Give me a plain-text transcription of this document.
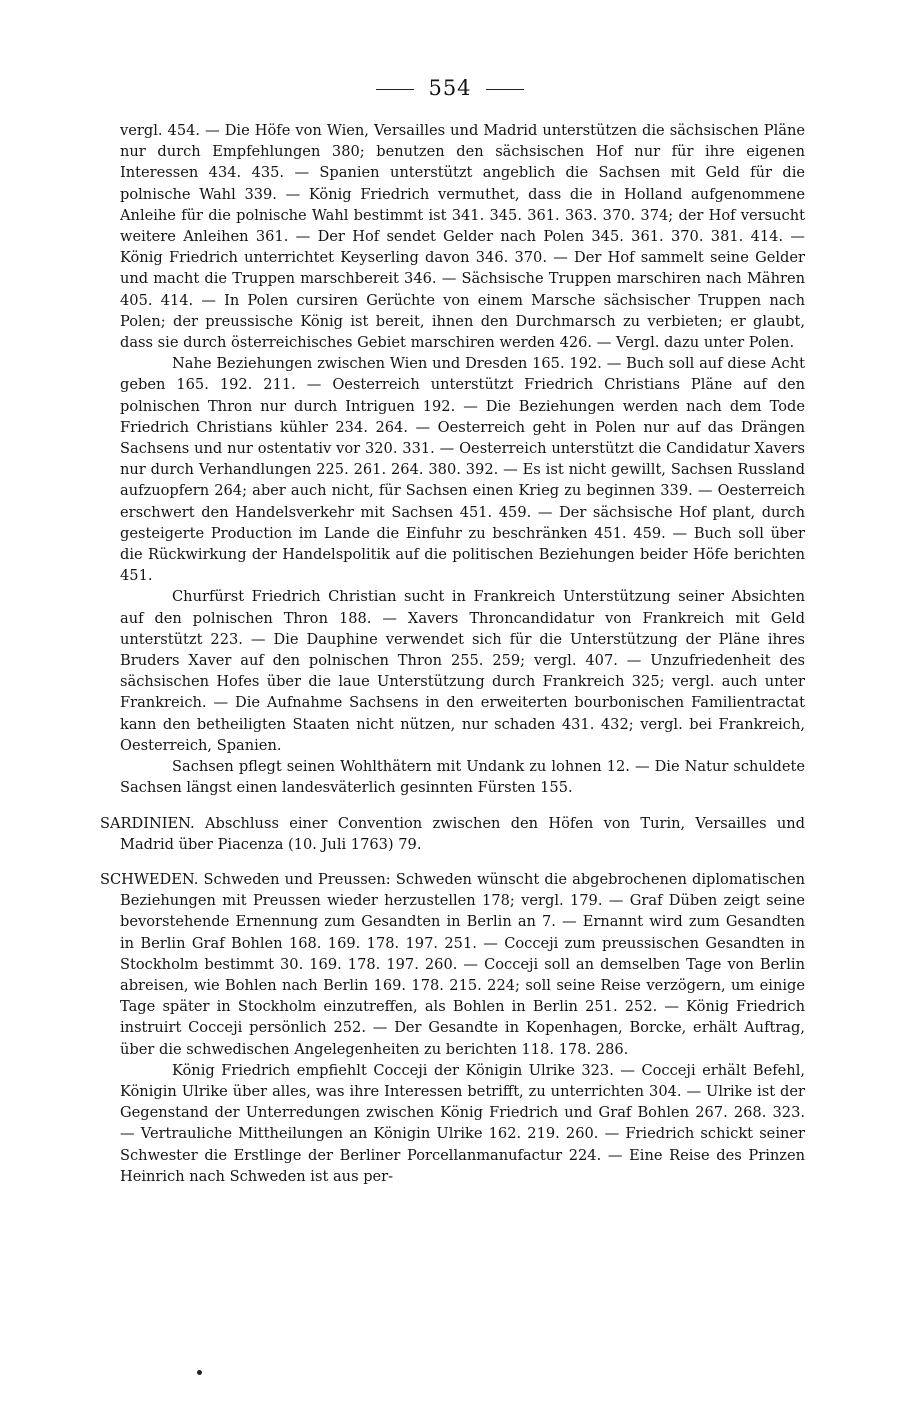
554

vergl. 454. — Die Höfe von Wien, Versailles und Madrid unterstützen die sächsischen Pläne nur durch Empfehlungen 380; benutzen den sächsischen Hof nur für ihre eigenen Interessen 434. 435. — Spanien unterstützt angeblich die Sachsen mit Geld für die polnische Wahl 339. — König Friedrich vermuthet, dass die in Holland aufgenommene Anleihe für die polnische Wahl bestimmt ist 341. 345. 361. 363. 370. 374; der Hof versucht weitere Anleihen 361. — Der Hof sendet Gelder nach Polen 345. 361. 370. 381. 414. — König Friedrich unterrichtet Keyserling davon 346. 370. — Der Hof sammelt seine Gelder und macht die Truppen marschbereit 346. — Sächsische Truppen marschiren nach Mähren 405. 414. — In Polen cursiren Gerüchte von einem Marsche sächsischer Truppen nach Polen; der preussische König ist bereit, ihnen den Durchmarsch zu verbieten; er glaubt, dass sie durch österreichisches Gebiet marschiren werden 426. — Vergl. dazu unter Polen.

Nahe Beziehungen zwischen Wien und Dresden 165. 192. — Buch soll auf diese Acht geben 165. 192. 211. — Oesterreich unterstützt Friedrich Christians Pläne auf den polnischen Thron nur durch Intriguen 192. — Die Beziehungen werden nach dem Tode Friedrich Christians kühler 234. 264. — Oesterreich geht in Polen nur auf das Drängen Sachsens und nur ostentativ vor 320. 331. — Oesterreich unterstützt die Candidatur Xavers nur durch Verhandlungen 225. 261. 264. 380. 392. — Es ist nicht gewillt, Sachsen Russland aufzuopfern 264; aber auch nicht, für Sachsen einen Krieg zu beginnen 339. — Oesterreich erschwert den Handelsverkehr mit Sachsen 451. 459. — Der sächsische Hof plant, durch gesteigerte Production im Lande die Einfuhr zu beschränken 451. 459. — Buch soll über die Rückwirkung der Handelspolitik auf die politischen Beziehungen beider Höfe berichten 451.

Churfürst Friedrich Christian sucht in Frankreich Unterstützung seiner Absichten auf den polnischen Thron 188. — Xavers Throncandidatur von Frankreich mit Geld unterstützt 223. — Die Dauphine verwendet sich für die Unterstützung der Pläne ihres Bruders Xaver auf den polnischen Thron 255. 259; vergl. 407. — Unzufriedenheit des sächsischen Hofes über die laue Unterstützung durch Frankreich 325; vergl. auch unter Frankreich. — Die Aufnahme Sachsens in den erweiterten bourbonischen Familientractat kann den betheiligten Staaten nicht nützen, nur schaden 431. 432; vergl. bei Frankreich, Oesterreich, Spanien.

Sachsen pflegt seinen Wohlthätern mit Undank zu lohnen 12. — Die Natur schuldete Sachsen längst einen landesväterlich gesinnten Fürsten 155.

SARDINIEN. Abschluss einer Convention zwischen den Höfen von Turin, Versailles und Madrid über Piacenza (10. Juli 1763) 79.

SCHWEDEN. Schweden und Preussen: Schweden wünscht die abgebrochenen diplomatischen Beziehungen mit Preussen wieder herzustellen 178; vergl. 179. — Graf Düben zeigt seine bevorstehende Ernennung zum Gesandten in Berlin an 7. — Ernannt wird zum Gesandten in Berlin Graf Bohlen 168. 169. 178. 197. 251. — Cocceji zum preussischen Gesandten in Stockholm bestimmt 30. 169. 178. 197. 260. — Cocceji soll an demselben Tage von Berlin abreisen, wie Bohlen nach Berlin 169. 178. 215. 224; soll seine Reise verzögern, um einige Tage später in Stockholm einzutreffen, als Bohlen in Berlin 251. 252. — König Friedrich instruirt Cocceji persönlich 252. — Der Gesandte in Kopenhagen, Borcke, erhält Auftrag, über die schwedischen Angelegenheiten zu berichten 118. 178. 286.

König Friedrich empfiehlt Cocceji der Königin Ulrike 323. — Cocceji erhält Befehl, Königin Ulrike über alles, was ihre Interessen betrifft, zu unterrichten 304. — Ulrike ist der Gegenstand der Unterredungen zwischen König Friedrich und Graf Bohlen 267. 268. 323. — Vertrauliche Mittheilungen an Königin Ulrike 162. 219. 260. — Friedrich schickt seiner Schwester die Erstlinge der Berliner Porcellanmanufactur 224. — Eine Reise des Prinzen Heinrich nach Schweden ist aus per-
